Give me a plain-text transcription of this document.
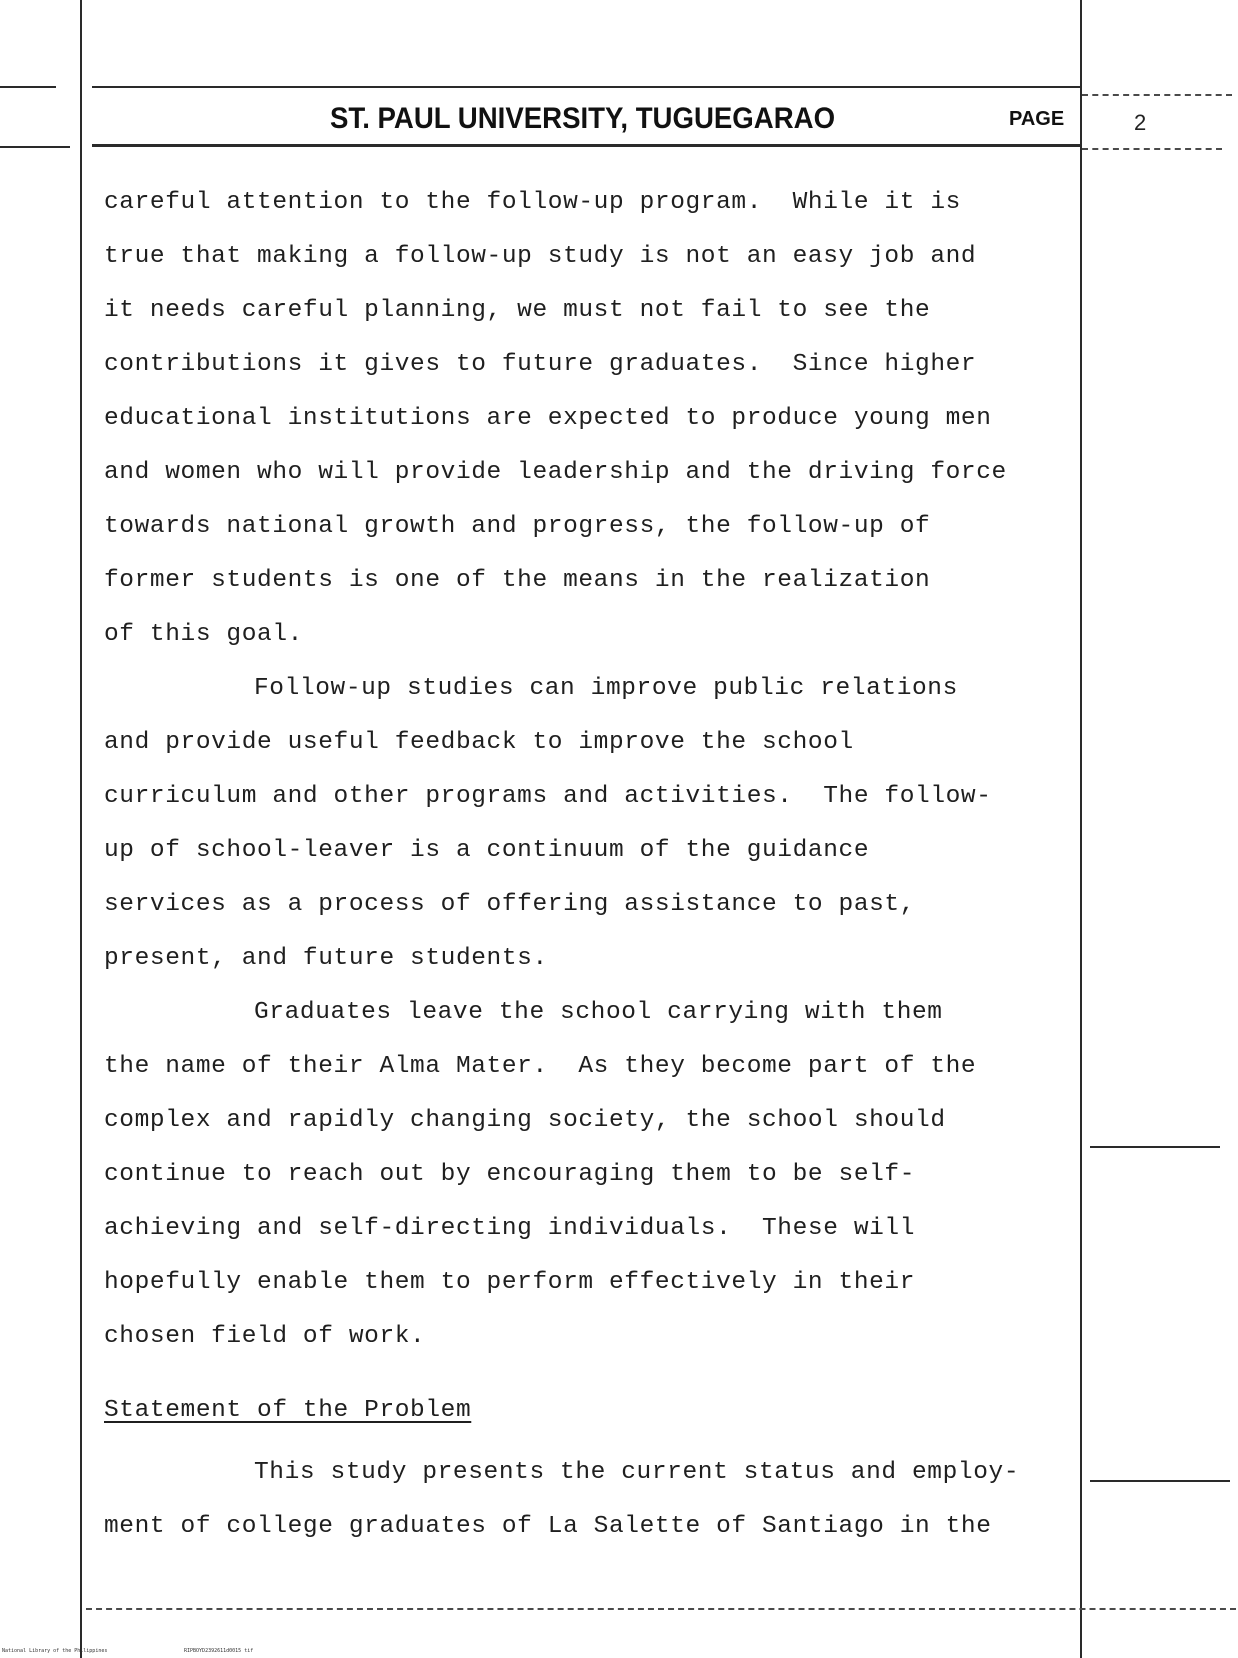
ST. PAUL UNIVERSITY, TUGUEGARAO	PAGE	2
careful attention to the follow-up program.  While it is
true that making a follow-up study is not an easy job and
it needs careful planning, we must not fail to see the
contributions it gives to future graduates.  Since higher
educational institutions are expected to produce young men
and women who will provide leadership and the driving force
towards national growth and progress, the follow-up of
former students is one of the means in the realization
of this goal.
Follow-up studies can improve public relations
and provide useful feedback to improve the school
curriculum and other programs and activities.  The follow-
up of school-leaver is a continuum of the guidance
services as a process of offering assistance to past,
present, and future students.
Graduates leave the school carrying with them
the name of their Alma Mater.  As they become part of the
complex and rapidly changing society, the school should
continue to reach out by encouraging them to be self-
achieving and self-directing individuals.  These will
hopefully enable them to perform effectively in their
chosen field of work.
Statement of the Problem
This study presents the current status and employ-
ment of college graduates of La Salette of Santiago in the
National Library of the Philippines	RIPBOYD2392611d0015 tif
